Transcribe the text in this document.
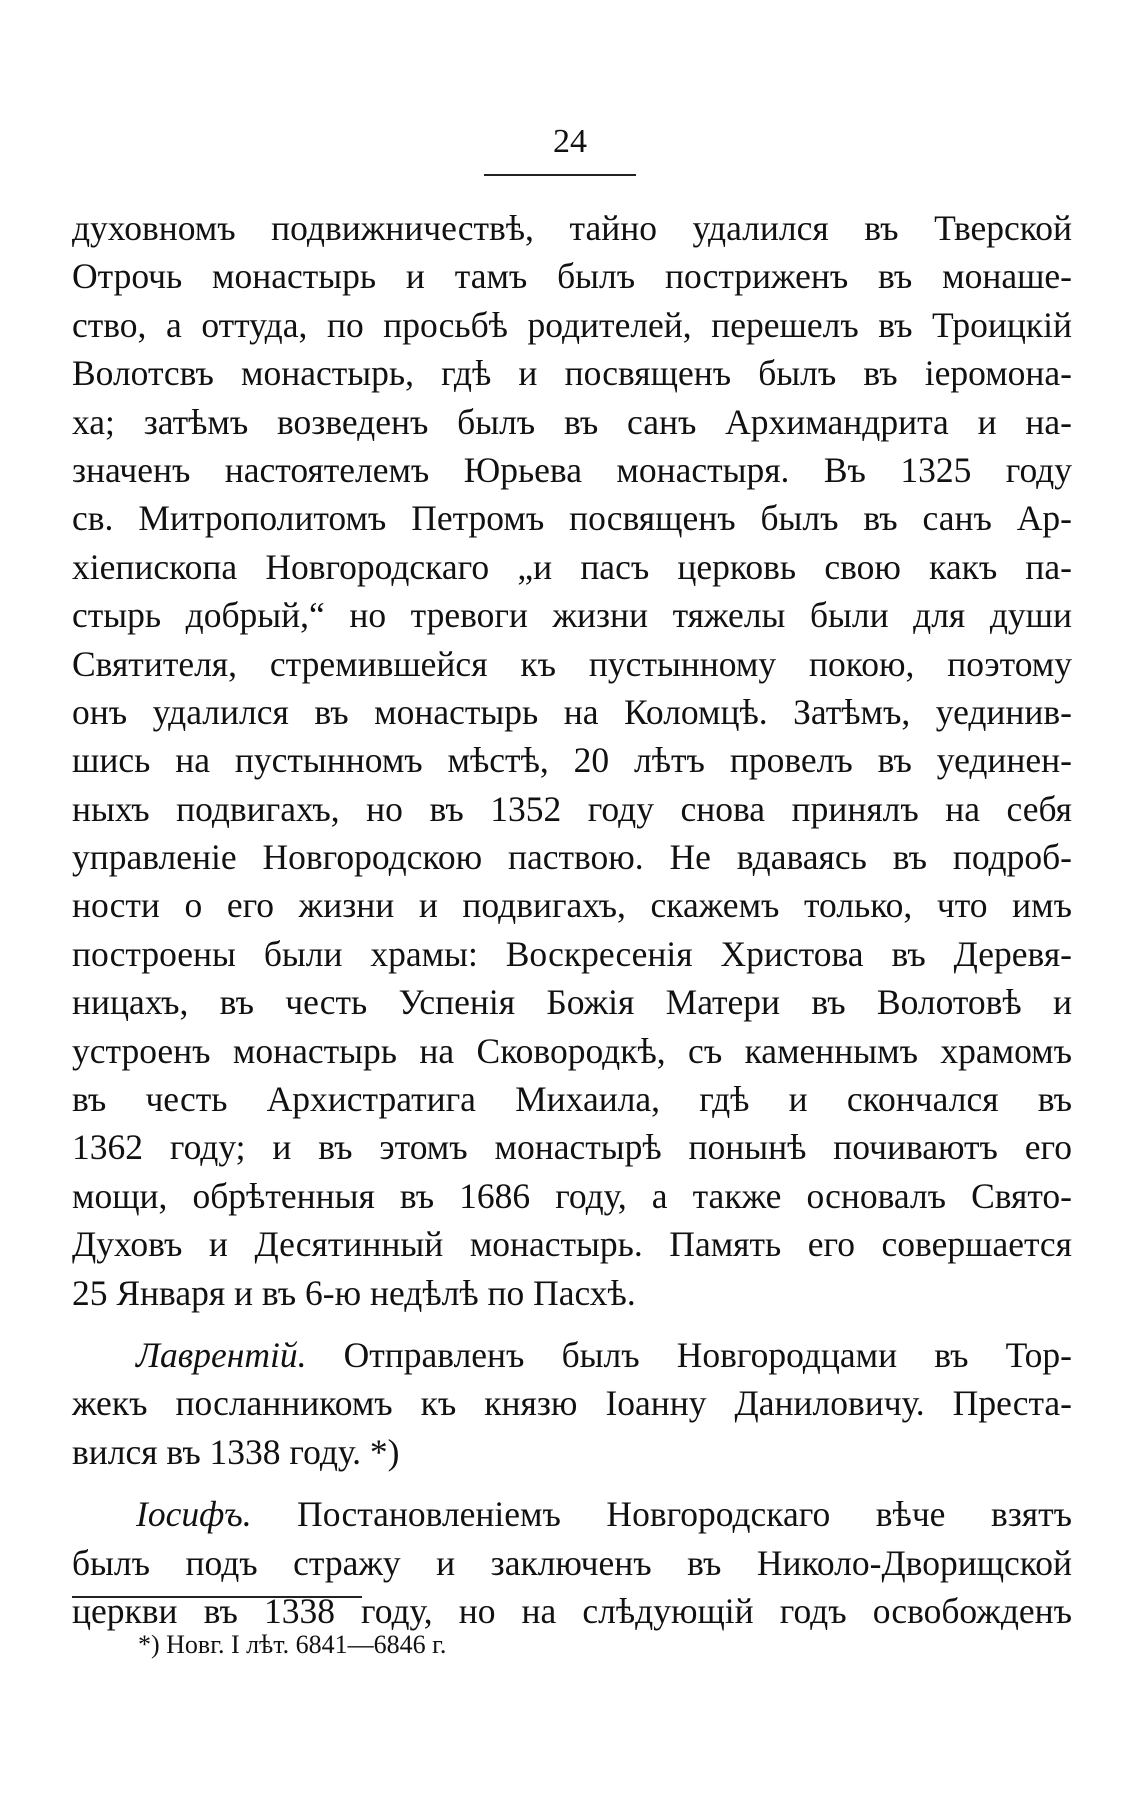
24
духовномъ подвижничествѣ, тайно удалился въ Тверской
Отрочь монастырь и тамъ былъ постриженъ въ монаше-
ство, а оттуда, по просьбѣ родителей, перешелъ въ Троицкій
Волотсвъ монастырь, гдѣ и посвященъ былъ въ іеромона-
ха; затѣмъ возведенъ былъ въ санъ Архимандрита и на-
значенъ настоятелемъ Юрьева монастыря. Въ 1325 году
св. Митрополитомъ Петромъ посвященъ былъ въ санъ Ар-
хіепископа Новгородскаго „и пасъ церковь свою какъ па-
стырь добрый,“ но тревоги жизни тяжелы были для души
Святителя, стремившейся къ пустынному покою, поэтому
онъ удалился въ монастырь на Коломцѣ. Затѣмъ, уединив-
шись на пустынномъ мѣстѣ, 20 лѣтъ провелъ въ уединен-
ныхъ подвигахъ, но въ 1352 году снова принялъ на себя
управленіе Новгородскою паствою. Не вдаваясь въ подроб-
ности о его жизни и подвигахъ, скажемъ только, что имъ
построены были храмы: Воскресенія Христова въ Деревя-
ницахъ, въ честь Успенія Божія Матери въ Волотовѣ и
устроенъ монастырь на Сковородкѣ, съ каменнымъ храмомъ
въ честь Архистратига Михаила, гдѣ и скончался въ
1362 году; и въ этомъ монастырѣ понынѣ почиваютъ его
мощи, обрѣтенныя въ 1686 году, а также основалъ Свято-
Духовъ и Десятинный монастырь. Память его совершается
25 Января и въ 6-ю недѣлѣ по Пасхѣ.
Лаврентій. Отправленъ былъ Новгородцами въ Тор-
жекъ посланникомъ къ князю Іоанну Даниловичу. Преста-
вился въ 1338 году. *)
Іосифъ. Постановленіемъ Новгородскаго вѣче взятъ
былъ подъ стражу и заключенъ въ Николо-Дворищской
церкви въ 1338 году, но на слѣдующій годъ освобожденъ
*) Новг. I лѣт. 6841—6846 г.
